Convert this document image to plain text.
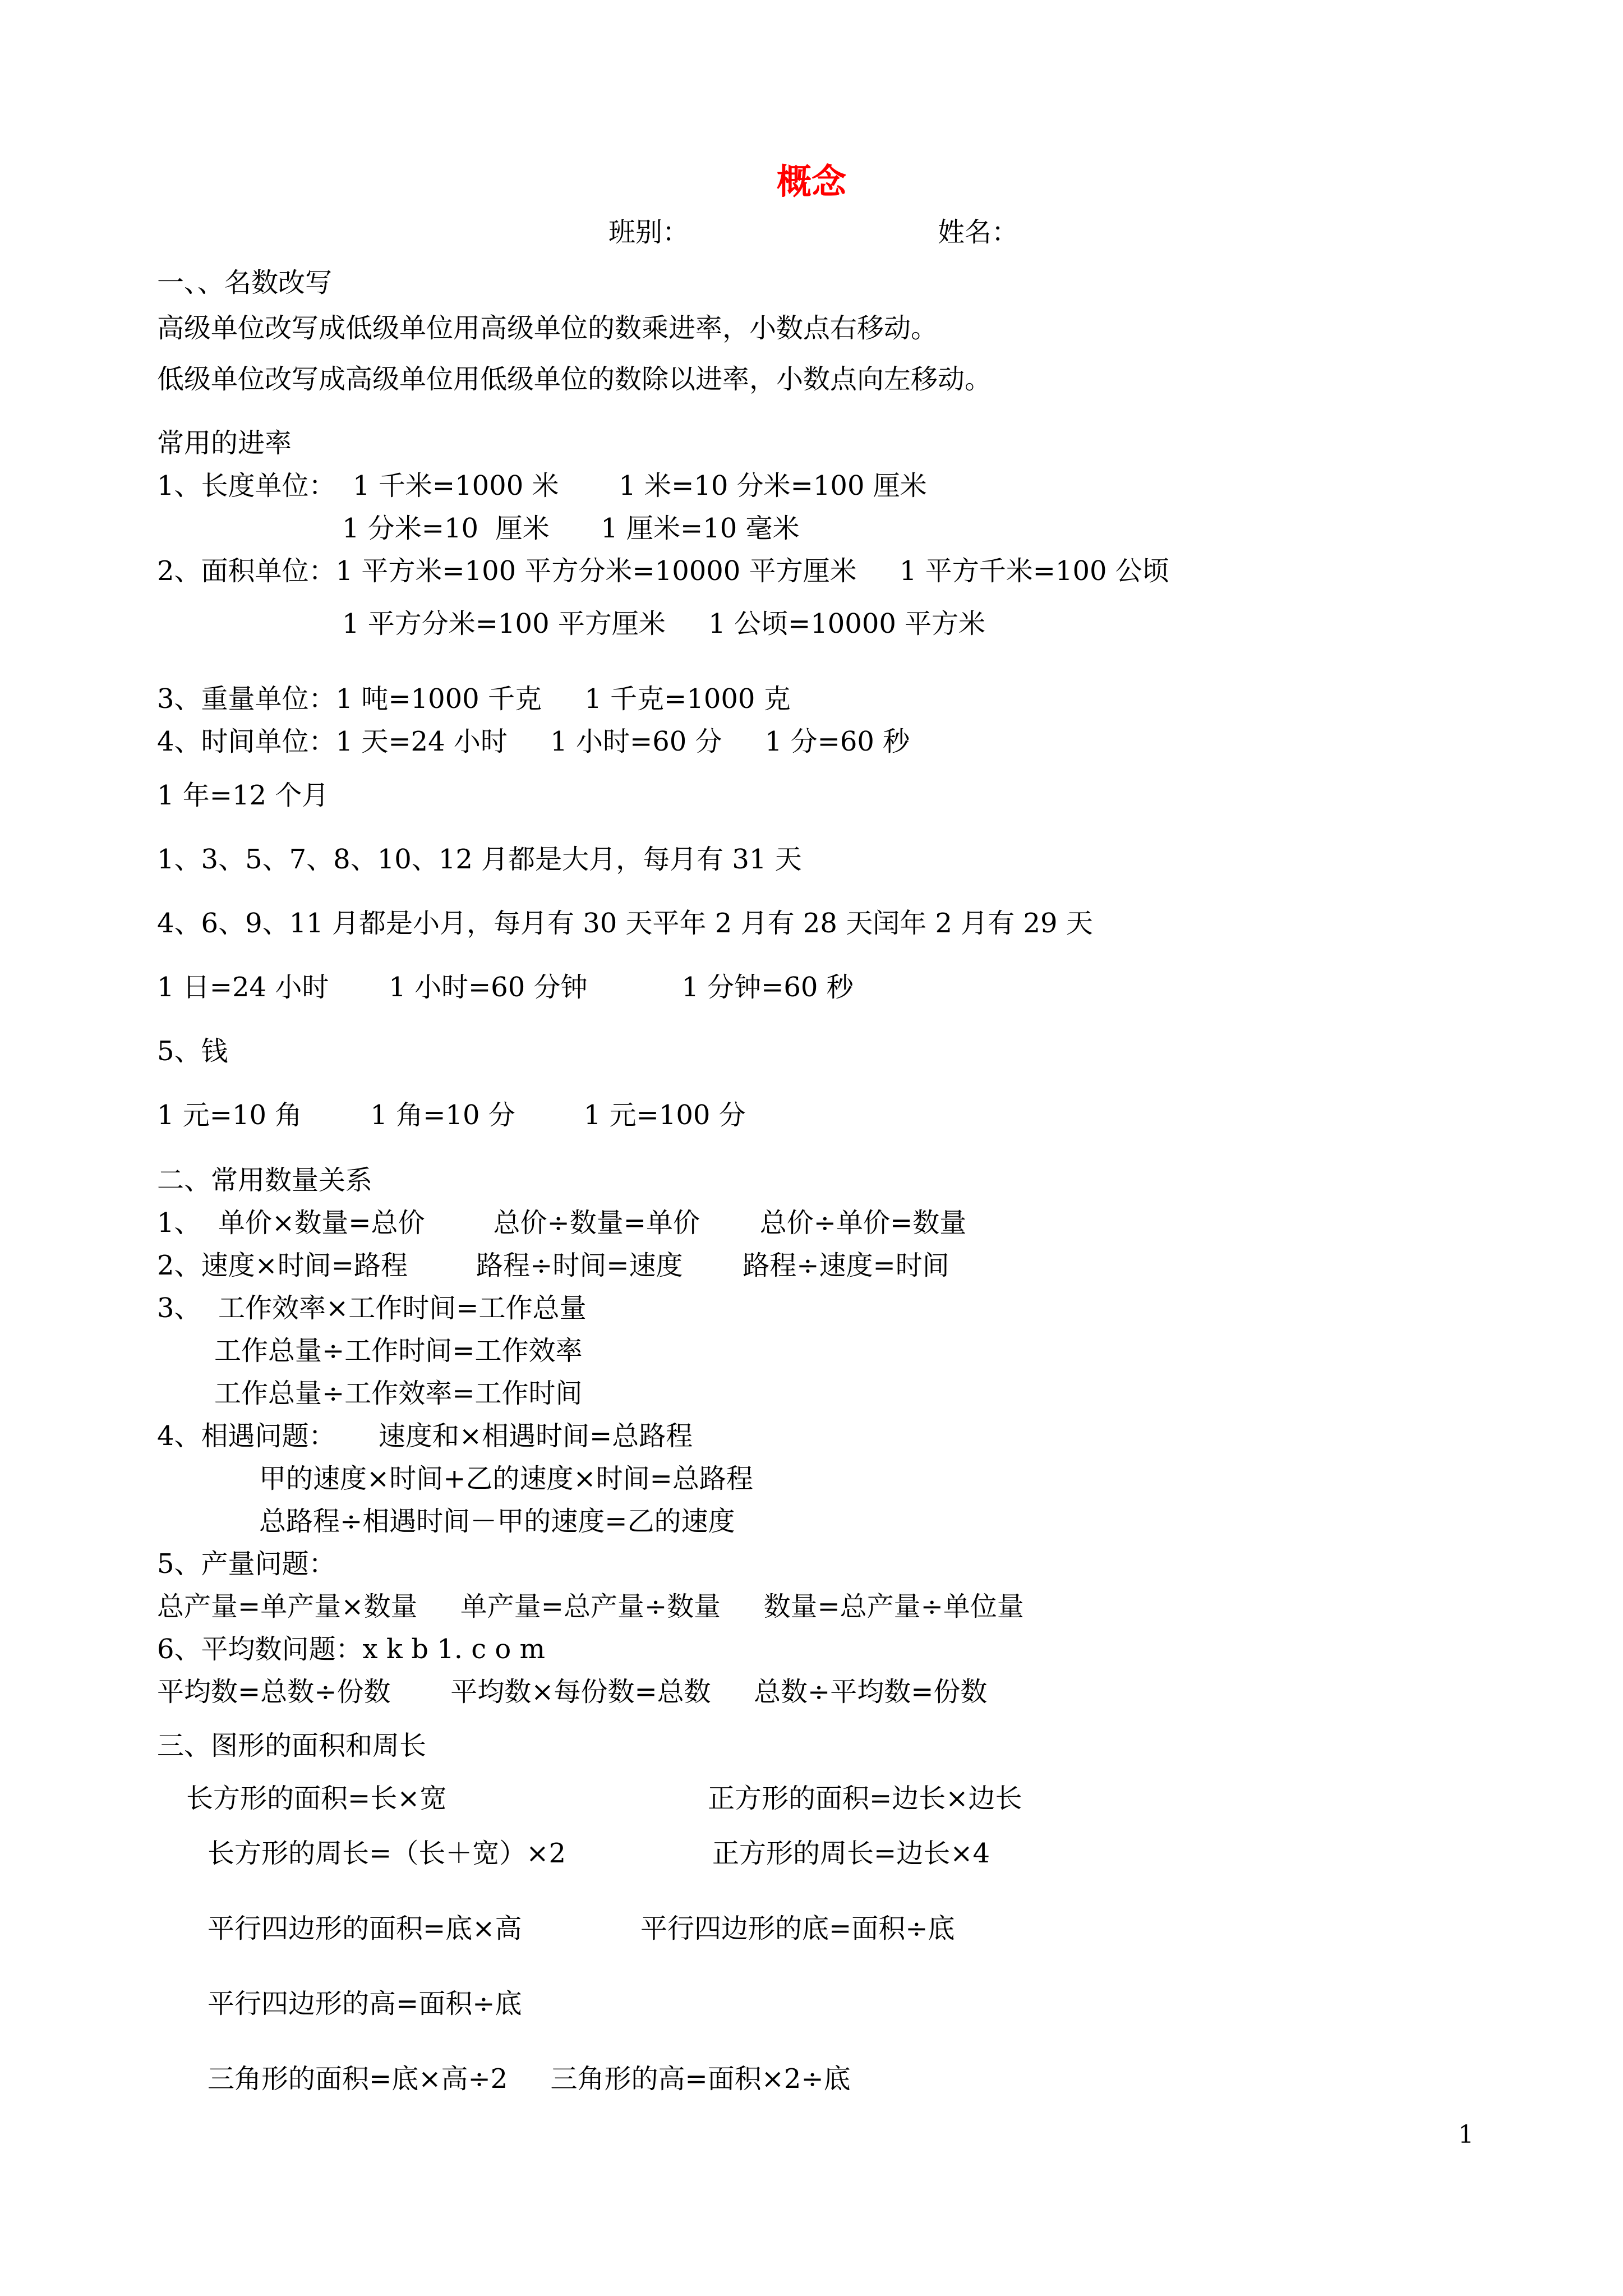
概念
班别：	姓名：
一、、名数改写
高级单位改写成低级单位用高级单位的数乘进率，小数点右移动。
低级单位改写成高级单位用低级单位的数除以进率，小数点向左移动。
常用的进率
1、长度单位：  1 千米=1000 米       1 米=10 分米=100 厘米
1 分米=10  厘米      1 厘米=10 毫米
2、面积单位：1 平方米=100 平方分米=10000 平方厘米     1 平方千米=100 公顷
1 平方分米=100 平方厘米     1 公顷=10000 平方米
3、重量单位：1 吨=1000 千克     1 千克=1000 克
4、时间单位：1 天=24 小时     1 小时=60 分     1 分=60 秒
1 年=12 个月
1、3、5、7、8、10、12 月都是大月，每月有 31 天
4、6、9、11 月都是小月，每月有 30 天平年 2 月有 28 天闰年 2 月有 29 天
1 日=24 小时       1 小时=60 分钟           1 分钟=60 秒
5、钱
1 元=10 角        1 角=10 分        1 元=100 分
二、常用数量关系
1、  单价×数量=总价        总价÷数量=单价       总价÷单价=数量
2、速度×时间=路程        路程÷时间=速度       路程÷速度=时间
3、  工作效率×工作时间=工作总量
工作总量÷工作时间=工作效率
工作总量÷工作效率=工作时间
4、相遇问题：     速度和×相遇时间=总路程
甲的速度×时间+乙的速度×时间=总路程
总路程÷相遇时间－甲的速度=乙的速度
5、产量问题：
总产量=单产量×数量     单产量=总产量÷数量     数量=总产量÷单位量
6、平均数问题：x k b 1. c o m
平均数=总数÷份数       平均数×每份数=总数     总数÷平均数=份数
三、图形的面积和周长
长方形的面积=长×宽	正方形的面积=边长×边长
长方形的周长=（长＋宽）×2	正方形的周长=边长×4
平行四边形的面积=底×高	平行四边形的底=面积÷底
平行四边形的高=面积÷底
三角形的面积=底×高÷2     三角形的高=面积×2÷底
1
